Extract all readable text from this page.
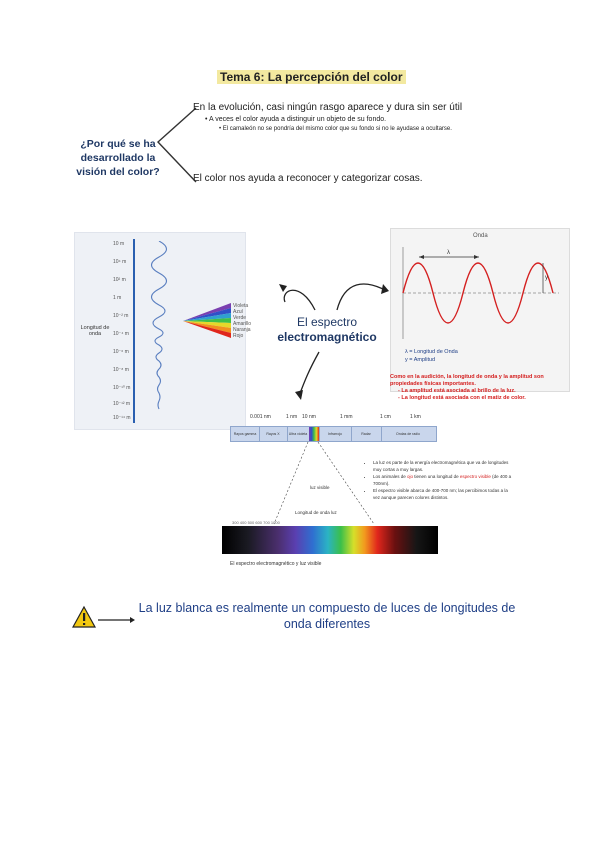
Tema 6: La percepción del color
¿Por qué se ha desarrollado la visión del color?
En la evolución, casi ningún rasgo aparece y dura sin ser útil
• A veces el color ayuda a distinguir un objeto de su fondo.
• El camaleón no se pondría del mismo color que su fondo si no le ayudase a ocultarse.
El color nos ayuda a reconocer y categorizar cosas.
Longitud de onda
10 m
10⁴ m
10² m
1 m
10⁻² m
10⁻⁴ m
10⁻⁶ m
10⁻⁸ m
10⁻¹⁰ m
10⁻¹² m
10⁻¹⁴ m
Violeta
Azul
Verde
Amarillo
Naranja
Rojo
Onda
λ
y
λ = Longitud de Onda
y = Amplitud
El espectro
electromagnético

Como en la audición, la longitud de onda y la amplitud son propiedades físicas importantes.

- La amplitud está asociada al brillo de la luz.

- La longitud está asociada con el matiz de color.

0.001 nm	1 nm 10 nm	1 mm	1 cm	1 km
Rayos gamma	Rayos X	Ultra violeta	Infrarrojo	Radar	Ondas de radio
luz visible
• La luz es parte de la energía electromagnética que va de longitudes muy cortas a muy largas.
• Los animales de ojo tienen una longitud de espectro visible (de 400 a 700nm).
• El espectro visible abarca de 400-700 nm; las percibimos todas a la vez aunque parecen colores distintos.
Longitud de onda luz
300 400 500 600 700 1000
El espectro electromagnético y luz visible
La luz blanca es realmente un compuesto de luces de longitudes de onda diferentes
